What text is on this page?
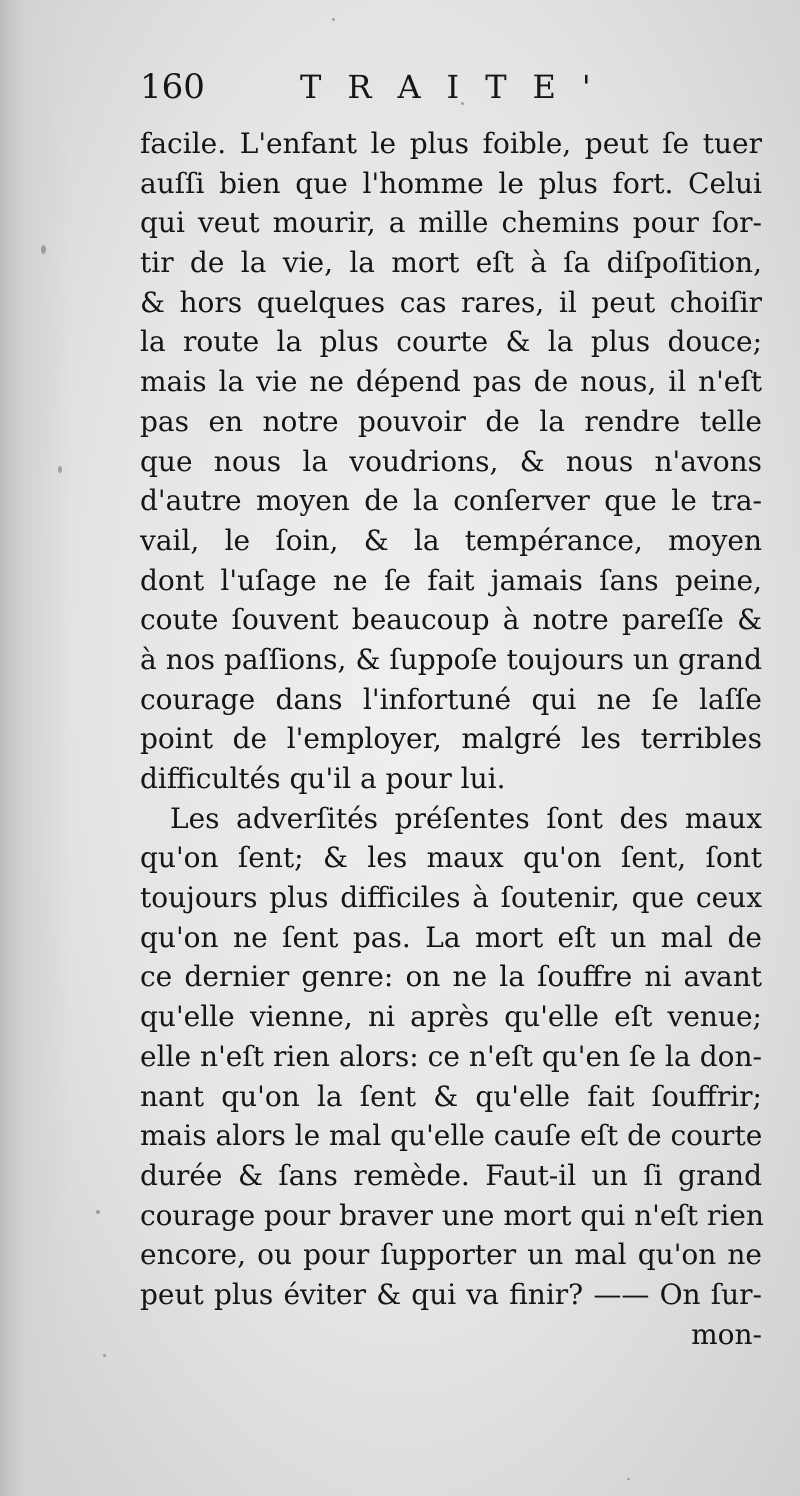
160	TRAITE'
facile. L'enfant le plus foible, peut ſe tuer
auſſi bien que l'homme le plus fort. Celui
qui veut mourir, a mille chemins pour ſor-
tir de la vie, la mort eſt à ſa diſpoſition,
& hors quelques cas rares, il peut choiſir
la route la plus courte & la plus douce;
mais la vie ne dépend pas de nous, il n'eſt
pas en notre pouvoir de la rendre telle
que nous la voudrions, & nous n'avons
d'autre moyen de la conſerver que le tra-
vail, le ſoin, & la tempérance, moyen
dont l'uſage ne ſe fait jamais ſans peine,
coute ſouvent beaucoup à notre pareſſe &
à nos paſſions, & ſuppoſe toujours un grand
courage dans l'infortuné qui ne ſe laſſe
point de l'employer, malgré les terribles
difficultés qu'il a pour lui.
Les adverſités préſentes ſont des maux
qu'on ſent; & les maux qu'on ſent, ſont
toujours plus difficiles à ſoutenir, que ceux
qu'on ne ſent pas. La mort eſt un mal de
ce dernier genre: on ne la ſouffre ni avant
qu'elle vienne, ni après qu'elle eſt venue;
elle n'eſt rien alors: ce n'eſt qu'en ſe la don-
nant qu'on la ſent & qu'elle fait ſouffrir;
mais alors le mal qu'elle cauſe eſt de courte
durée & ſans remède. Faut-il un ſi grand
courage pour braver une mort qui n'eſt rien
encore, ou pour ſupporter un mal qu'on ne
peut plus éviter & qui va finir? —— On ſur-
mon-
